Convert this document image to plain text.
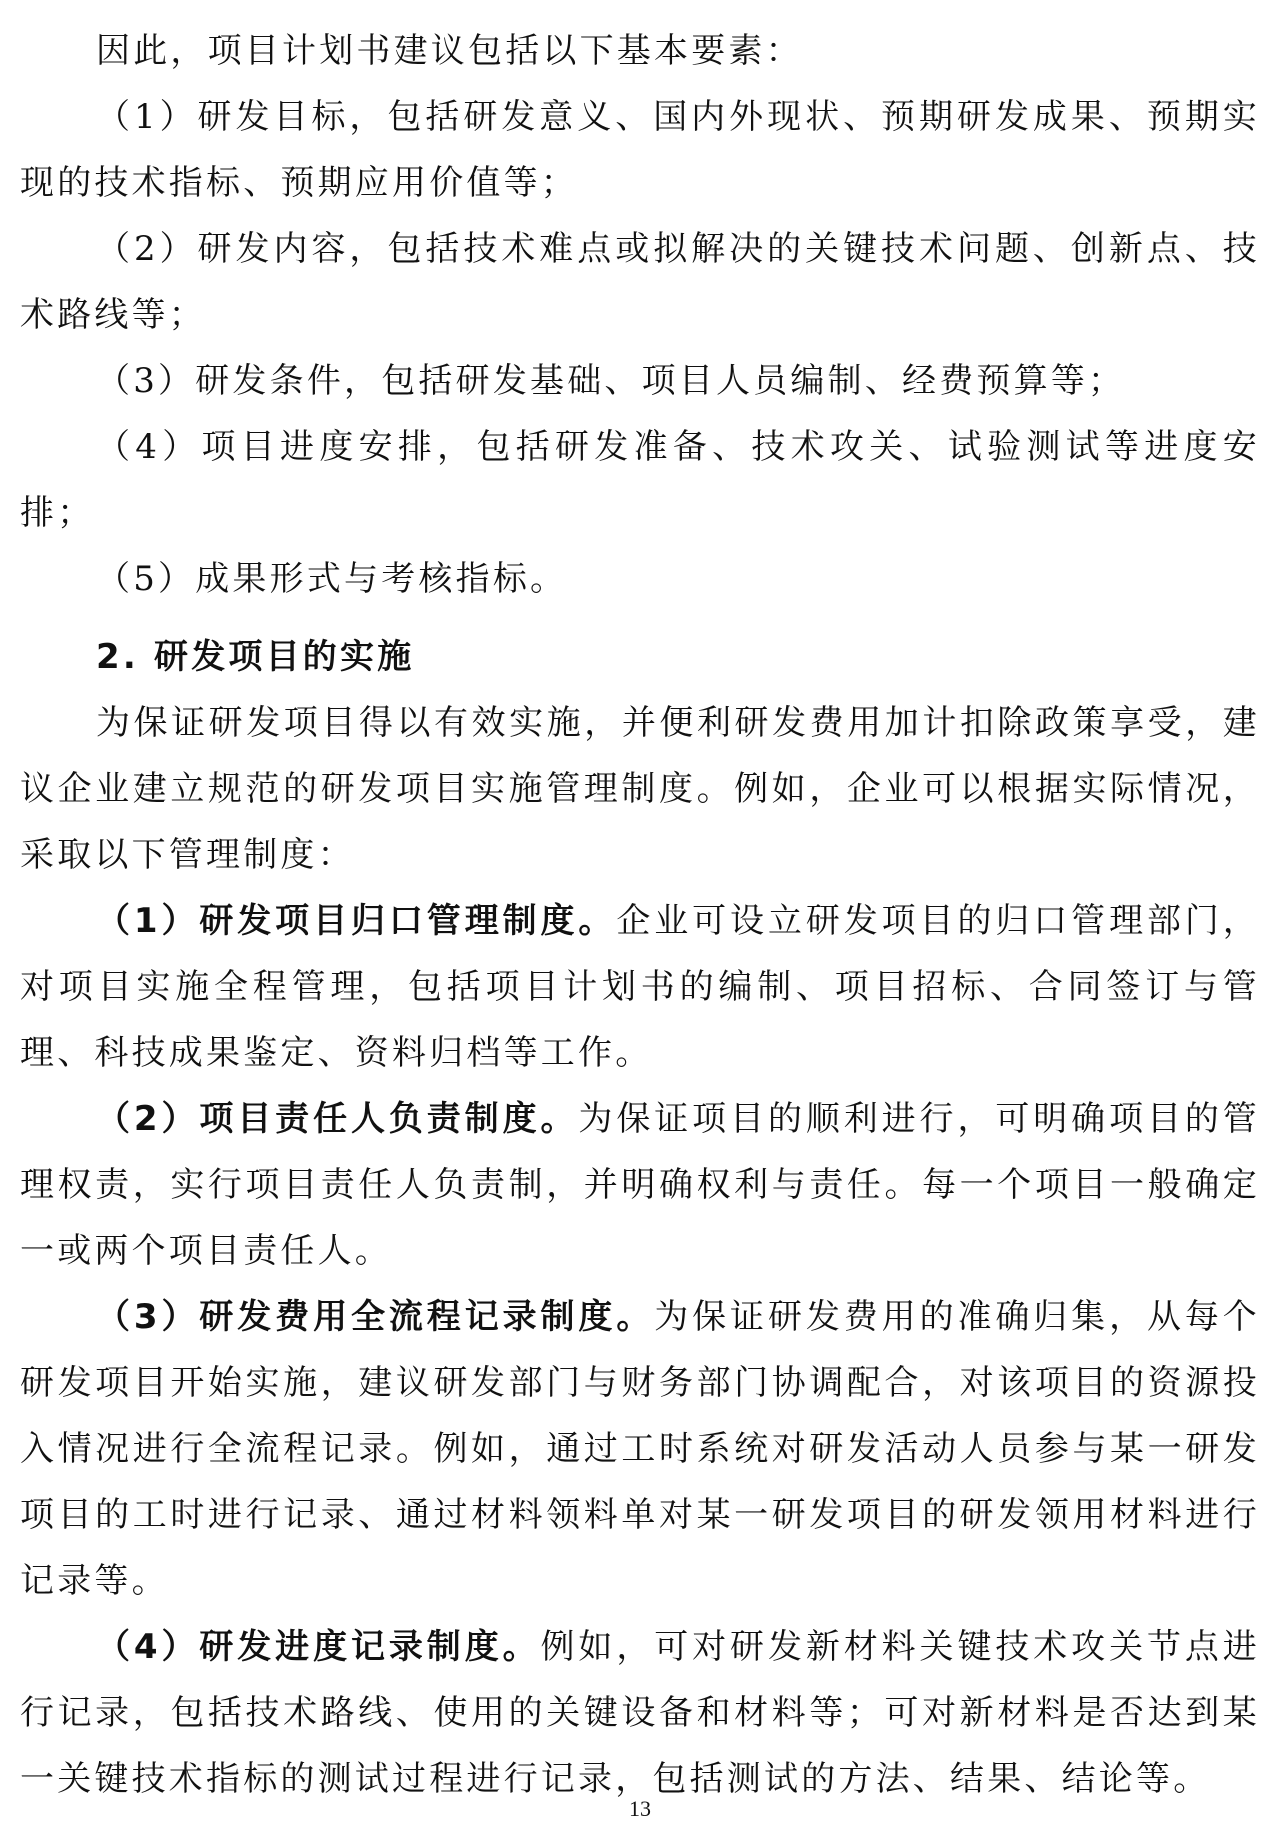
因此，项目计划书建议包括以下基本要素：

（1）研发目标，包括研发意义、国内外现状、预期研发成果、预期实现的技术指标、预期应用价值等；

（2）研发内容，包括技术难点或拟解决的关键技术问题、创新点、技术路线等；

（3）研发条件，包括研发基础、项目人员编制、经费预算等；

（4）项目进度安排，包括研发准备、技术攻关、试验测试等进度安排；

（5）成果形式与考核指标。

2. 研发项目的实施

为保证研发项目得以有效实施，并便利研发费用加计扣除政策享受，建议企业建立规范的研发项目实施管理制度。例如，企业可以根据实际情况，采取以下管理制度：

（1）研发项目归口管理制度。企业可设立研发项目的归口管理部门，对项目实施全程管理，包括项目计划书的编制、项目招标、合同签订与管理、科技成果鉴定、资料归档等工作。

（2）项目责任人负责制度。为保证项目的顺利进行，可明确项目的管理权责，实行项目责任人负责制，并明确权利与责任。每一个项目一般确定一或两个项目责任人。

（3）研发费用全流程记录制度。为保证研发费用的准确归集，从每个研发项目开始实施，建议研发部门与财务部门协调配合，对该项目的资源投入情况进行全流程记录。例如，通过工时系统对研发活动人员参与某一研发项目的工时进行记录、通过材料领料单对某一研发项目的研发领用材料进行记录等。

（4）研发进度记录制度。例如，可对研发新材料关键技术攻关节点进行记录，包括技术路线、使用的关键设备和材料等；可对新材料是否达到某一关键技术指标的测试过程进行记录，包括测试的方法、结果、结论等。

13
